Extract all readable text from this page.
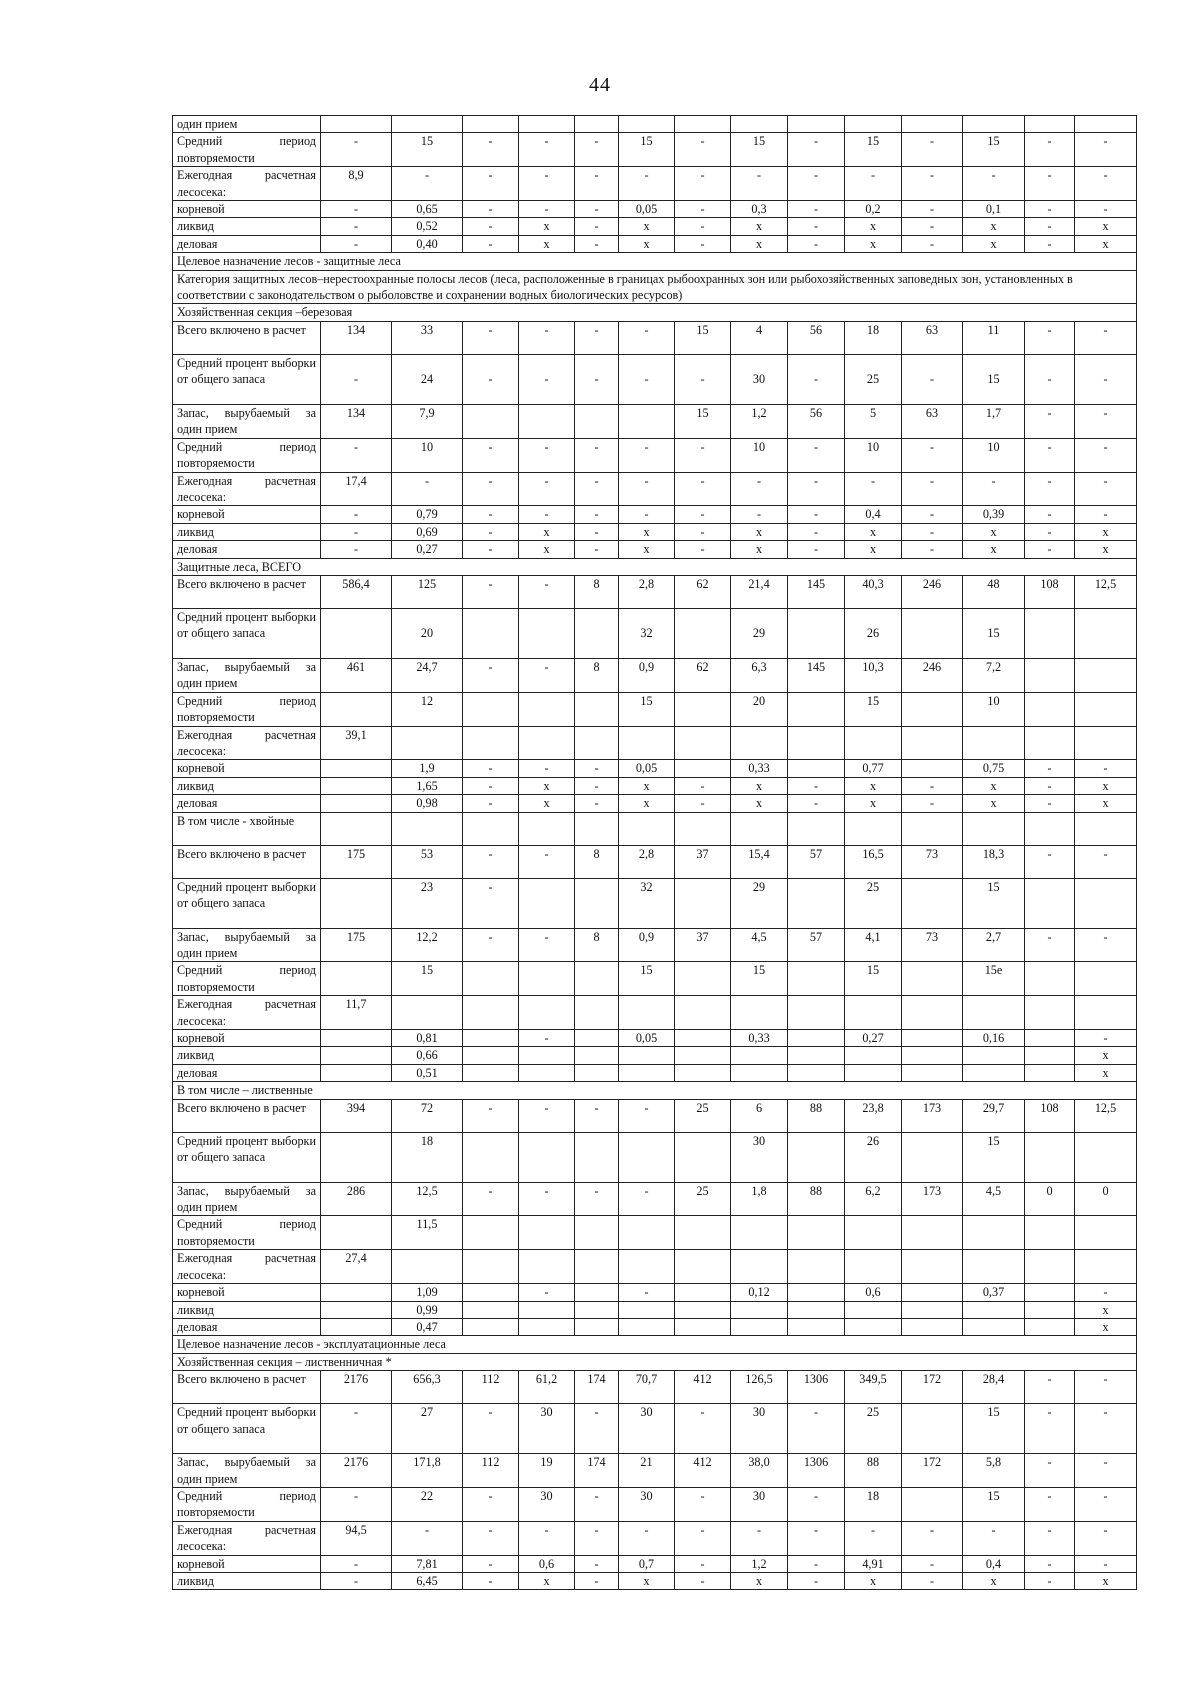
44
один прием														
Средний период повторяемости	-	15	-	-	-	15	-	15	-	15	-	15	-	-
Ежегодная расчетная лесосека:	8,9	-	-	-	-	-	-	-	-	-	-	-	-	-
корневой	-	0,65	-	-	-	0,05	-	0,3	-	0,2	-	0,1	-	-
ликвид	-	0,52	-	x	-	x	-	x	-	x	-	x	-	x
деловая	-	0,40	-	x	-	x	-	x	-	x	-	x	-	x
Целевое назначение лесов - защитные леса														
Категория защитных лесов–нерестоохранные полосы лесов (леса, расположенные в границах рыбоохранных зон или рыбохозяйственных заповедных зон, установленных в соответствии с законодательством о рыболовстве и сохранении водных биологических ресурсов)														
Хозяйственная секция –березовая														
Всего включено в расчет	134	33	-	-	-	-	15	4	56	18	63	11	-	-
Средний процент выборки от общего запаса	-	24	-	-	-	-	-	30	-	25	-	15	-	-
Запас, вырубаемый за один прием	134	7,9					15	1,2	56	5	63	1,7	-	-
Средний период повторяемости	-	10	-	-	-	-	-	10	-	10	-	10	-	-
Ежегодная расчетная лесосека:	17,4	-	-	-	-	-	-	-	-	-	-	-	-	-
корневой	-	0,79	-	-	-	-	-	-	-	0,4	-	0,39	-	-
ликвид	-	0,69	-	x	-	x	-	x	-	x	-	x	-	x
деловая	-	0,27	-	x	-	x	-	x	-	x	-	x	-	x
Защитные леса, ВСЕГО														
Всего включено в расчет	586,4	125	-	-	8	2,8	62	21,4	145	40,3	246	48	108	12,5
Средний процент выборки от общего запаса		20				32		29		26		15		
Запас, вырубаемый за один прием	461	24,7	-	-	8	0,9	62	6,3	145	10,3	246	7,2		
Средний период повторяемости		12				15		20		15		10		
Ежегодная расчетная лесосека:	39,1													
корневой		1,9	-	-	-	0,05		0,33		0,77		0,75	-	-
ликвид		1,65	-	x	-	x	-	x	-	x	-	x	-	x
деловая		0,98	-	x	-	x	-	x	-	x	-	x	-	x
В том числе - хвойные														
Всего включено в расчет	175	53	-	-	8	2,8	37	15,4	57	16,5	73	18,3	-	-
Средний процент выборки от общего запаса		23	-			32		29		25		15		
Запас, вырубаемый за один прием	175	12,2	-	-	8	0,9	37	4,5	57	4,1	73	2,7	-	-
Средний период повторяемости		15				15		15		15		15е		
Ежегодная расчетная лесосека:	11,7													
корневой		0,81		-		0,05		0,33		0,27		0,16		-
ликвид		0,66												x
деловая		0,51												x
В том числе – лиственные														
Всего включено в расчет	394	72	-	-	-	-	25	6	88	23,8	173	29,7	108	12,5
Средний процент выборки от общего запаса		18						30		26		15		
Запас, вырубаемый за один прием	286	12,5	-	-	-	-	25	1,8	88	6,2	173	4,5	0	0
Средний период повторяемости		11,5												
Ежегодная расчетная лесосека:	27,4													
корневой		1,09		-		-		0,12		0,6		0,37		-
ликвид		0,99												x
деловая		0,47												x
Целевое назначение лесов - эксплуатационные леса														
Хозяйственная секция – лиственничная *														
Всего включено в расчет	2176	656,3	112	61,2	174	70,7	412	126,5	1306	349,5	172	28,4	-	-
Средний процент выборки от общего запаса	-	27	-	30	-	30	-	30	-	25		15	-	-
Запас, вырубаемый за один прием	2176	171,8	112	19	174	21	412	38,0	1306	88	172	5,8	-	-
Средний период повторяемости	-	22	-	30	-	30	-	30	-	18		15	-	-
Ежегодная расчетная лесосека:	94,5	-	-	-	-	-	-	-	-	-	-	-	-	-
корневой	-	7,81	-	0,6	-	0,7	-	1,2	-	4,91	-	0,4	-	-
ликвид	-	6,45	-	x	-	x	-	x	-	x	-	x	-	x
